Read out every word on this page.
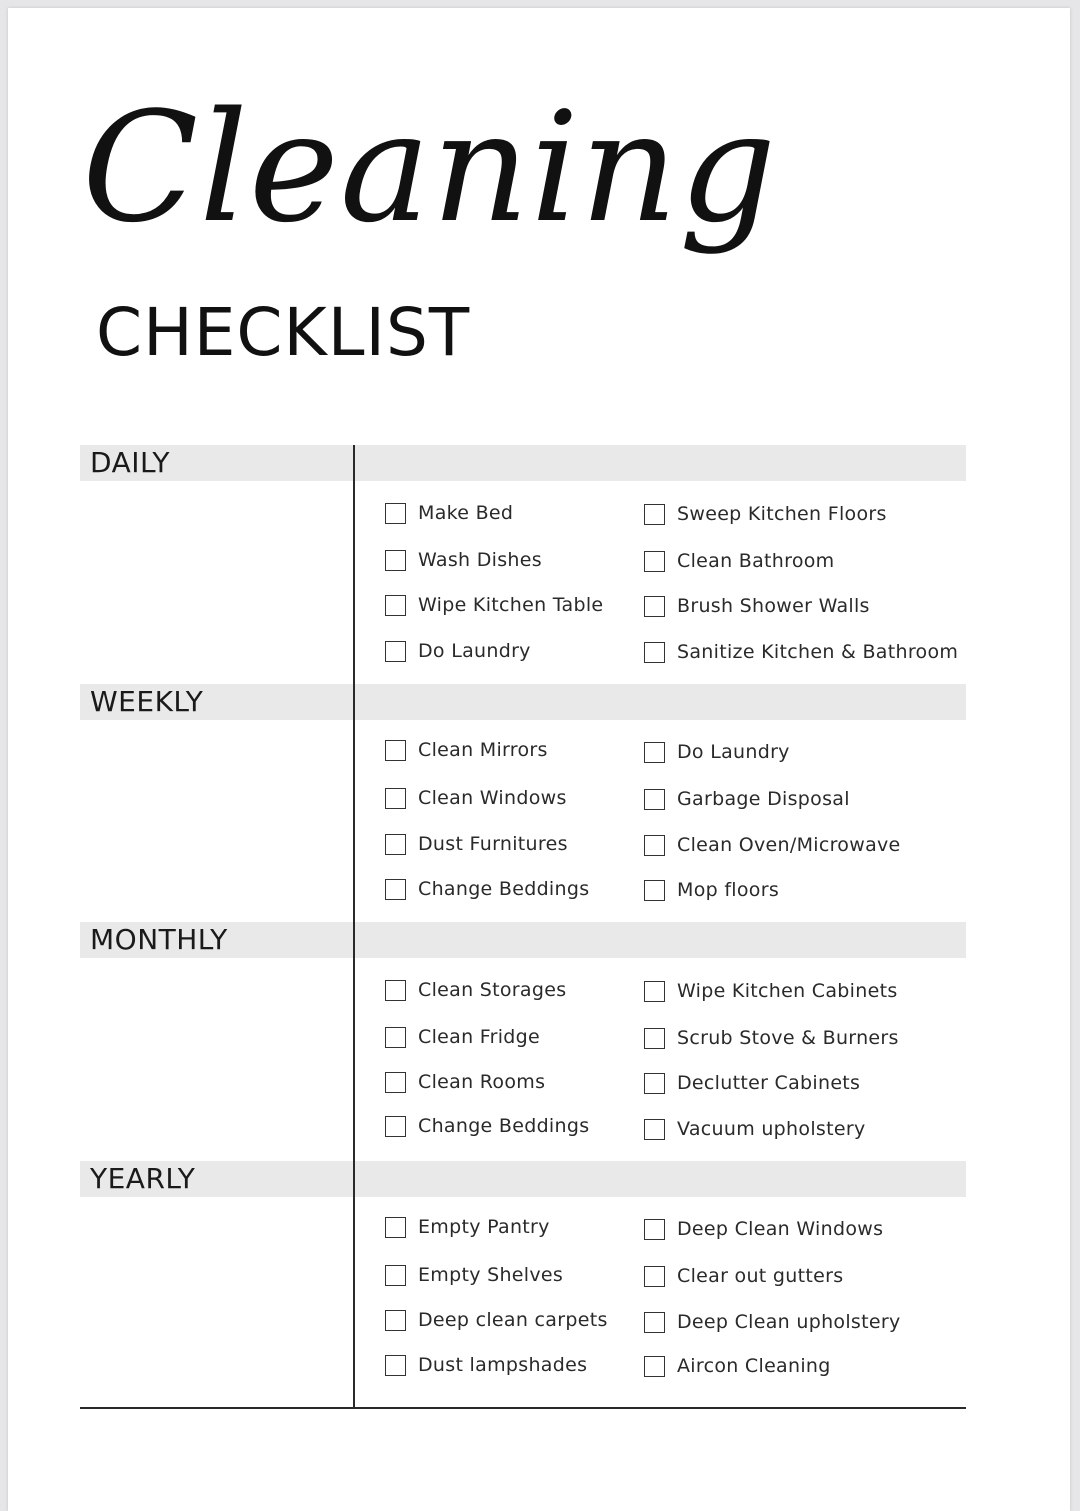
Cleaning
CHECKLIST
DAILY
WEEKLY
MONTHLY
YEARLY
Make Bed
Wash Dishes
Wipe Kitchen Table
Do Laundry
Sweep Kitchen Floors
Clean Bathroom
Brush Shower Walls
Sanitize Kitchen & Bathroom
Clean Mirrors
Clean Windows
Dust Furnitures
Change Beddings
Do Laundry
Garbage Disposal
Clean Oven/Microwave
Mop floors
Clean Storages
Clean Fridge
Clean Rooms
Change Beddings
Wipe Kitchen Cabinets
Scrub Stove & Burners
Declutter Cabinets
Vacuum upholstery
Empty Pantry
Empty Shelves
Deep clean carpets
Dust lampshades
Deep Clean Windows
Clear out gutters
Deep Clean upholstery
Aircon Cleaning
